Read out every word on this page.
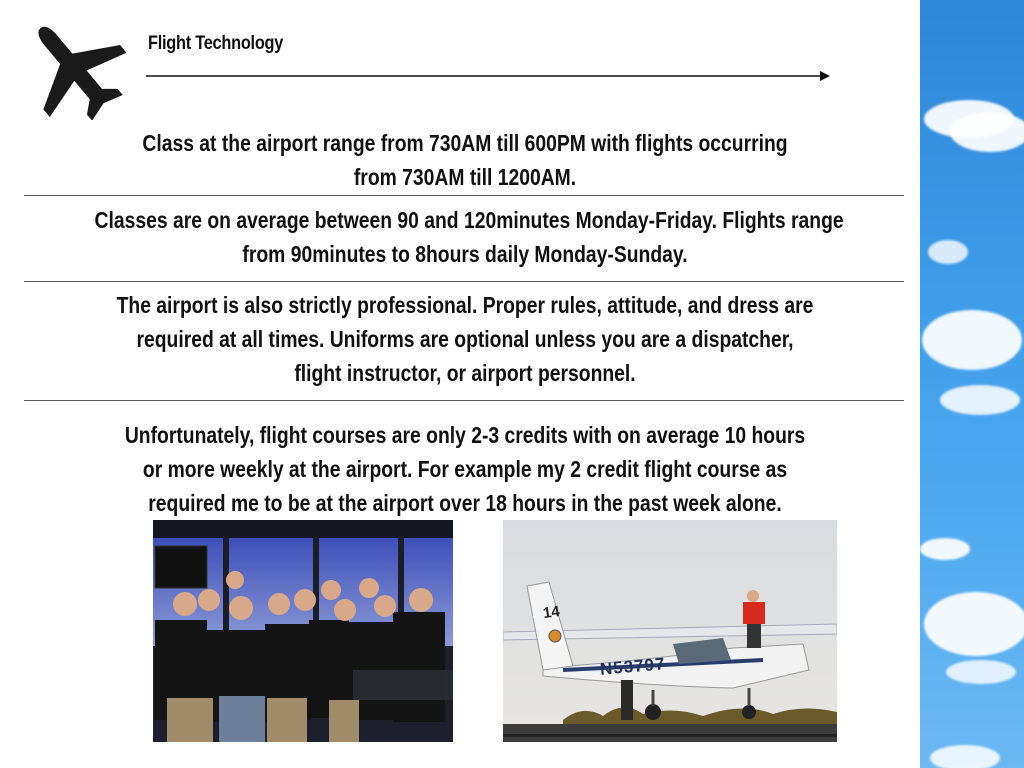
Flight Technology
Class at the airport range from 730AM till 600PM with flights occurring
from 730AM till 1200AM.
Classes are on average between 90 and 120minutes Monday-Friday. Flights range
from 90minutes to 8hours daily Monday-Sunday.
The airport is also strictly professional. Proper rules, attitude, and dress are
required at all times. Uniforms are optional unless you are a dispatcher,
flight instructor, or airport personnel.
Unfortunately, flight courses are only 2-3 credits with on average 10 hours
or more weekly at the airport. For example my 2 credit flight course as
required me to be at the airport over 18 hours in the past week alone.
14
N53797
